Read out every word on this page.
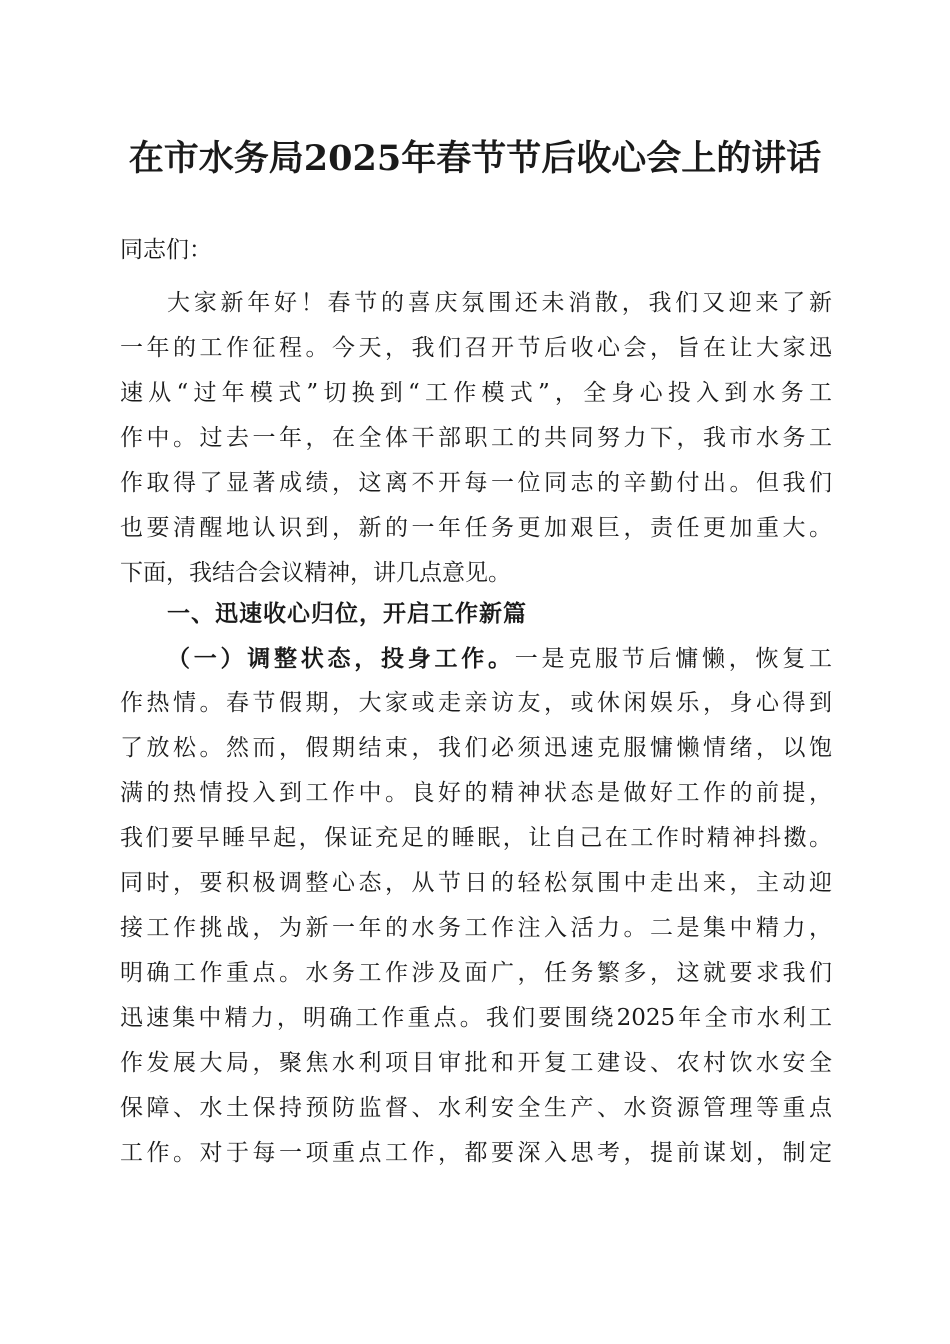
在市水务局2025年春节节后收心会上的讲话
同志们：
大家新年好！春节的喜庆氛围还未消散，我们又迎来了新
一年的工作征程。今天，我们召开节后收心会，旨在让大家迅
速从“过年模式”切换到“工作模式”，全身心投入到水务工
作中。过去一年，在全体干部职工的共同努力下，我市水务工
作取得了显著成绩，这离不开每一位同志的辛勤付出。但我们
也要清醒地认识到，新的一年任务更加艰巨，责任更加重大。
下面，我结合会议精神，讲几点意见。
一、迅速收心归位，开启工作新篇
（一）调整状态，投身工作。一是克服节后慵懒，恢复工
作热情。春节假期，大家或走亲访友，或休闲娱乐，身心得到
了放松。然而，假期结束，我们必须迅速克服慵懒情绪，以饱
满的热情投入到工作中。良好的精神状态是做好工作的前提，
我们要早睡早起，保证充足的睡眠，让自己在工作时精神抖擞。
同时，要积极调整心态，从节日的轻松氛围中走出来，主动迎
接工作挑战，为新一年的水务工作注入活力。二是集中精力，
明确工作重点。水务工作涉及面广，任务繁多，这就要求我们
迅速集中精力，明确工作重点。我们要围绕2025年全市水利工
作发展大局，聚焦水利项目审批和开复工建设、农村饮水安全
保障、水土保持预防监督、水利安全生产、水资源管理等重点
工作。对于每一项重点工作，都要深入思考，提前谋划，制定
